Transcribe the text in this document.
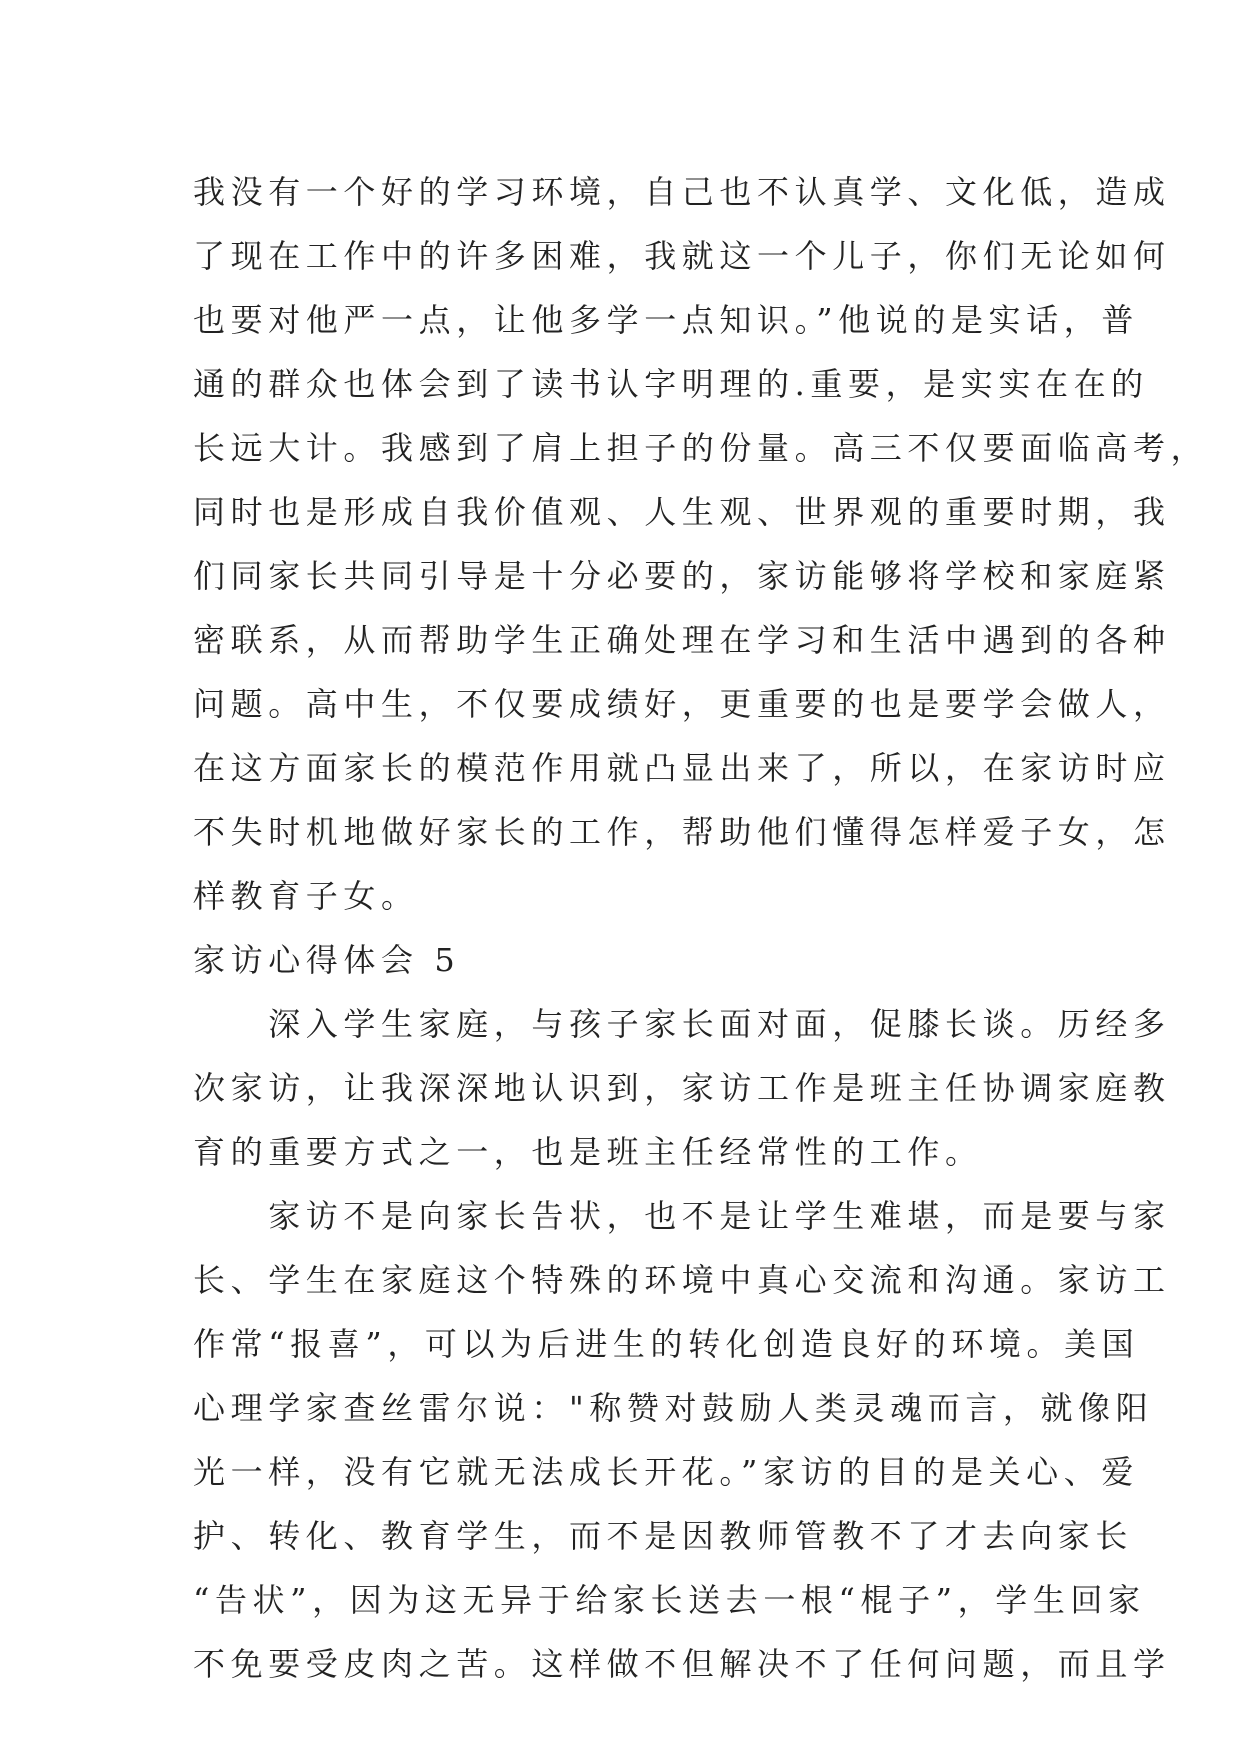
我没有一个好的学习环境，自己也不认真学、文化低，造成
了现在工作中的许多困难，我就这一个儿子，你们无论如何
也要对他严一点，让他多学一点知识。”他说的是实话，普
通的群众也体会到了读书认字明理的.重要，是实实在在的
长远大计。我感到了肩上担子的份量。高三不仅要面临高考，
同时也是形成自我价值观、人生观、世界观的重要时期，我
们同家长共同引导是十分必要的，家访能够将学校和家庭紧
密联系，从而帮助学生正确处理在学习和生活中遇到的各种
问题。高中生，不仅要成绩好，更重要的也是要学会做人，
在这方面家长的模范作用就凸显出来了，所以，在家访时应
不失时机地做好家长的工作，帮助他们懂得怎样爱子女，怎
样教育子女。
家访心得体会 5
　　深入学生家庭，与孩子家长面对面，促膝长谈。历经多
次家访，让我深深地认识到，家访工作是班主任协调家庭教
育的重要方式之一，也是班主任经常性的工作。
　　家访不是向家长告状，也不是让学生难堪，而是要与家
长、学生在家庭这个特殊的环境中真心交流和沟通。家访工
作常“报喜”，可以为后进生的转化创造良好的环境。美国
心理学家查丝雷尔说："称赞对鼓励人类灵魂而言，就像阳
光一样，没有它就无法成长开花。”家访的目的是关心、爱
护、转化、教育学生，而不是因教师管教不了才去向家长
“告状”，因为这无异于给家长送去一根“棍子”，学生回家
不免要受皮肉之苦。这样做不但解决不了任何问题，而且学
